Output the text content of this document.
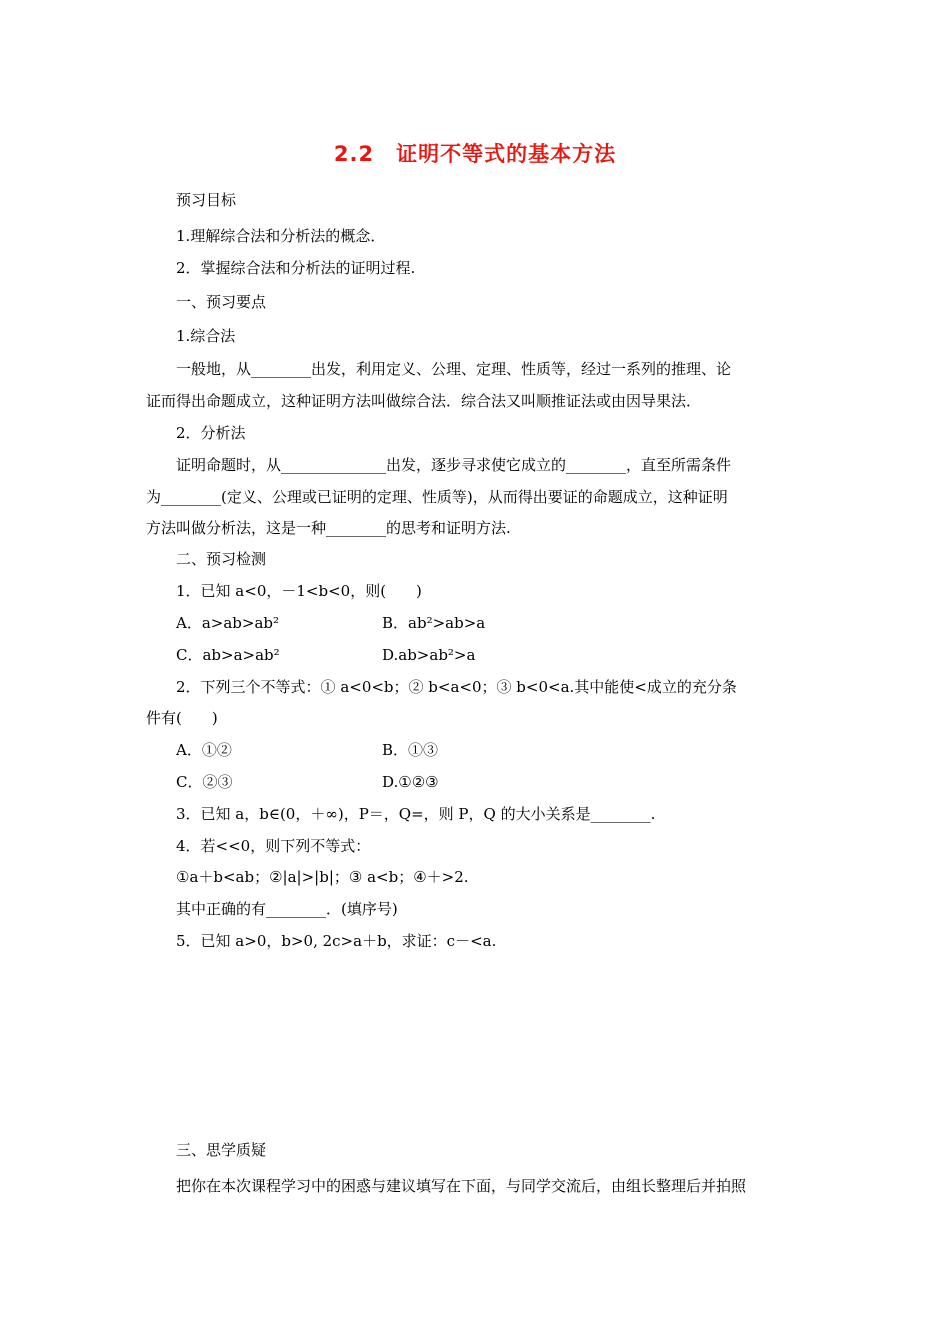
2.2　证明不等式的基本方法
预习目标
1.理解综合法和分析法的概念．
2．掌握综合法和分析法的证明过程.
一、预习要点
1.综合法
一般地，从________出发，利用定义、公理、定理、性质等，经过一系列的推理、论
证而得出命题成立，这种证明方法叫做综合法．综合法又叫顺推证法或由因导果法．
2．分析法
证明命题时，从______________出发，逐步寻求使它成立的________，直至所需条件
为________(定义、公理或已证明的定理、性质等)，从而得出要证的命题成立，这种证明
方法叫做分析法，这是一种________的思考和证明方法.
二、预习检测
1．已知 a<0，－1<b<0，则(　　)
A．a>ab>ab²	B．ab²>ab>a
C．ab>a>ab²	D.ab>ab²>a
2．下列三个不等式：① a<0<b；② b<a<0；③ b<0<a.其中能使<成立的充分条
件有(　　)
A．①②	B．①③
C．②③	D.①②③
3．已知 a，b∈(0，＋∞)，P＝，Q=，则 P，Q 的大小关系是________.
4．若<<0，则下列不等式：
①a＋b<ab；②|a|>|b|；③ a<b；④＋>2.
其中正确的有________．(填序号)
5．已知 a>0，b>0, 2c>a＋b，求证：c－<a.
三、思学质疑
把你在本次课程学习中的困惑与建议填写在下面，与同学交流后，由组长整理后并拍照
